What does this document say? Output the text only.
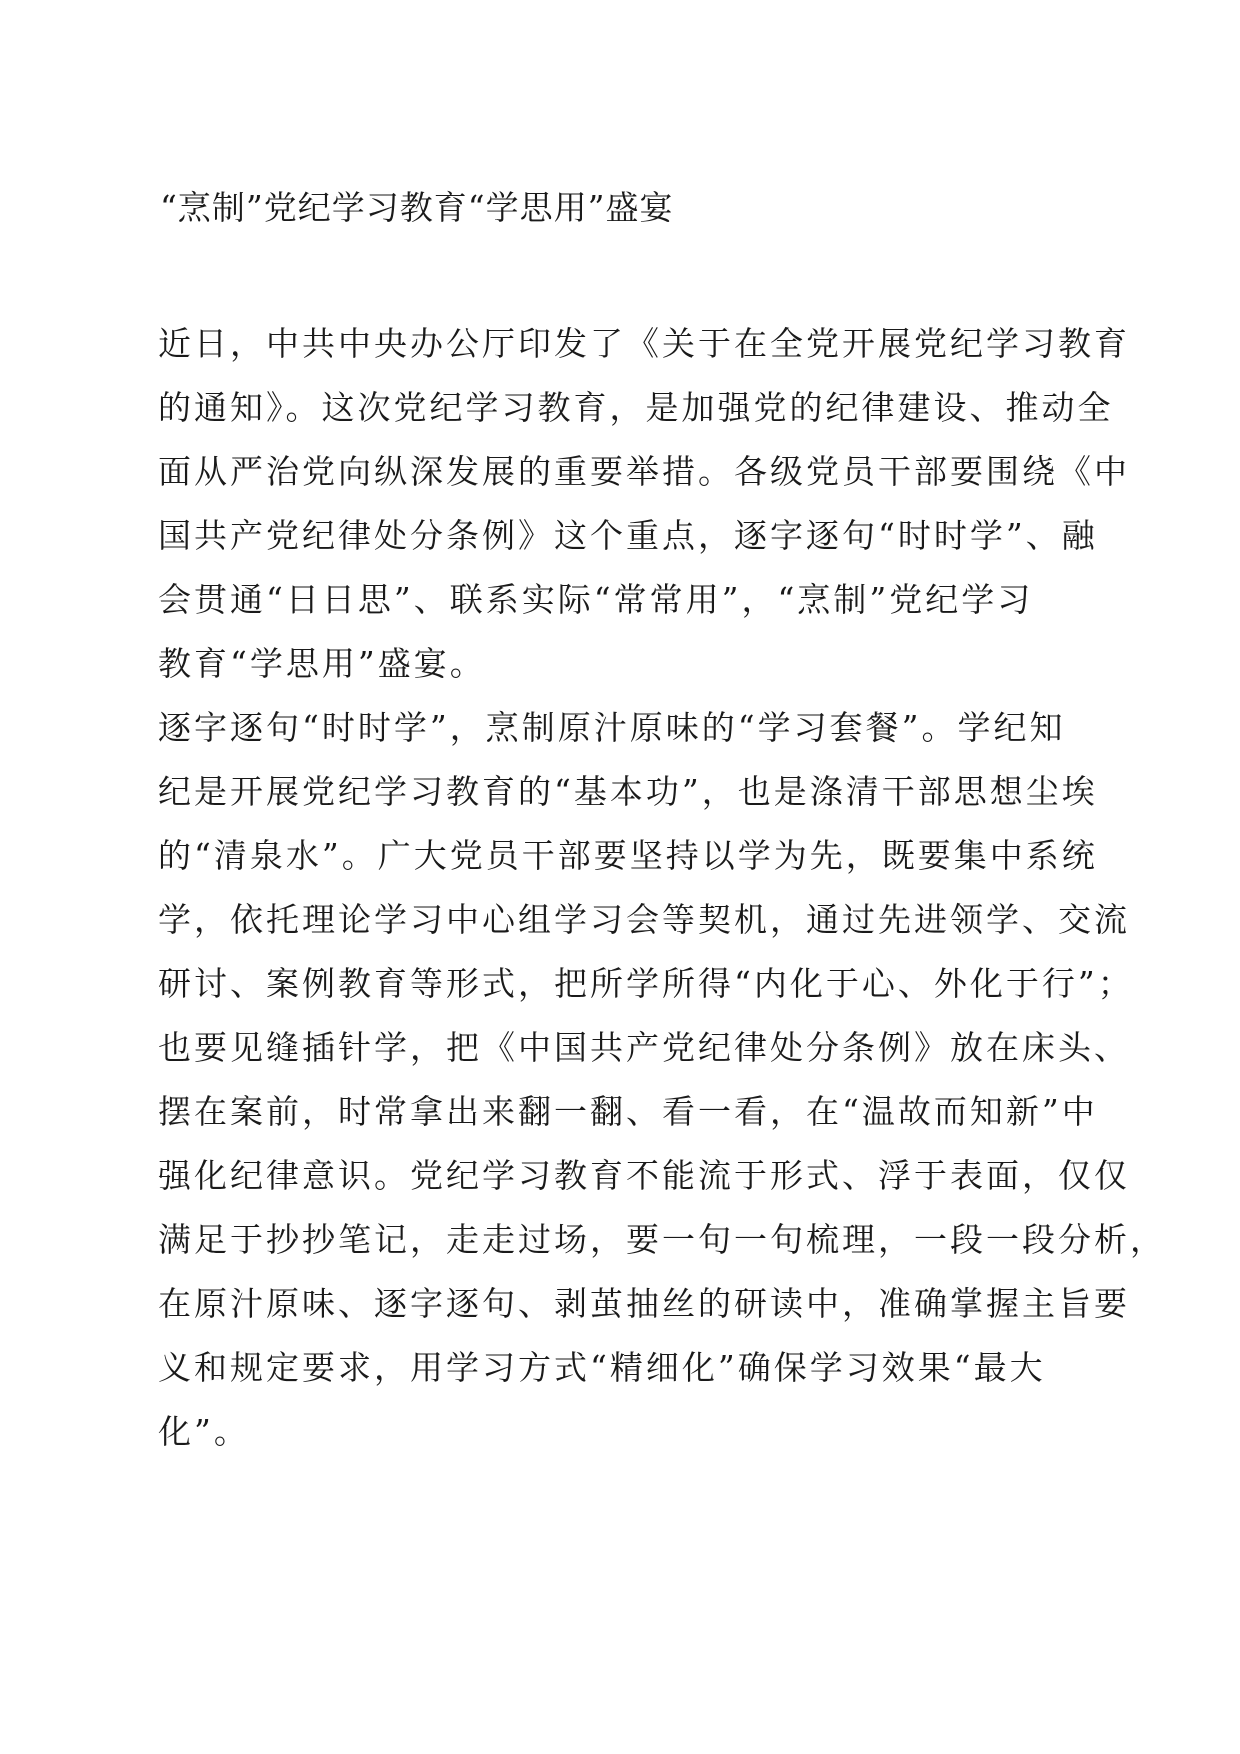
“烹制”党纪学习教育“学思用”盛宴
近日，中共中央办公厅印发了《关于在全党开展党纪学习教育
的通知》。这次党纪学习教育，是加强党的纪律建设、推动全
面从严治党向纵深发展的重要举措。各级党员干部要围绕《中
国共产党纪律处分条例》这个重点，逐字逐句“时时学”、融
会贯通“日日思”、联系实际“常常用”，“烹制”党纪学习
教育“学思用”盛宴。
逐字逐句“时时学”，烹制原汁原味的“学习套餐”。学纪知
纪是开展党纪学习教育的“基本功”，也是涤清干部思想尘埃
的“清泉水”。广大党员干部要坚持以学为先，既要集中系统
学，依托理论学习中心组学习会等契机，通过先进领学、交流
研讨、案例教育等形式，把所学所得“内化于心、外化于行”；
也要见缝插针学，把《中国共产党纪律处分条例》放在床头、
摆在案前，时常拿出来翻一翻、看一看，在“温故而知新”中
强化纪律意识。党纪学习教育不能流于形式、浮于表面，仅仅
满足于抄抄笔记，走走过场，要一句一句梳理，一段一段分析，
在原汁原味、逐字逐句、剥茧抽丝的研读中，准确掌握主旨要
义和规定要求，用学习方式“精细化”确保学习效果“最大
化”。
